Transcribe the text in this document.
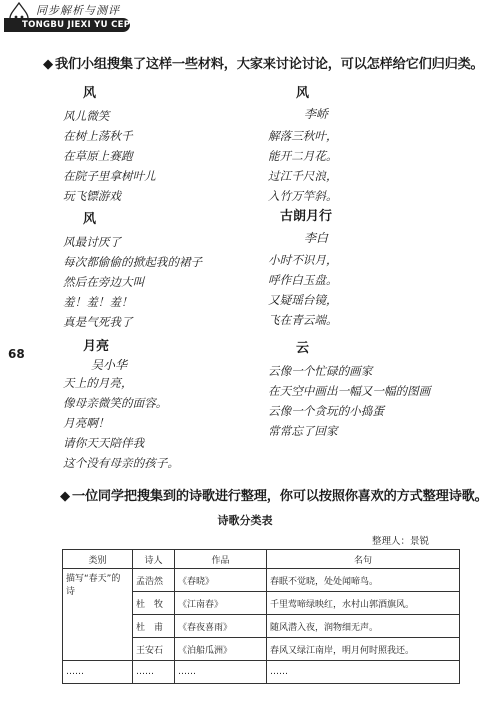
同步解析与测评
TONGBU JIEXI YU CEPING
◆ 我们小组搜集了这样一些材料，大家来讨论讨论，可以怎样给它们归归类。
风
风儿微笑
在树上荡秋千
在草原上赛跑
在院子里拿树叶儿
玩飞镖游戏
风
李峤
解落三秋叶，
能开二月花。
过江千尺浪，
入竹万竿斜。
风
风最讨厌了
每次都偷偷的掀起我的裙子
然后在旁边大叫
羞！羞！羞！
真是气死我了
古朗月行
李白
小时不识月，
呼作白玉盘。
又疑瑶台镜，
飞在青云端。
68	月亮
吴小华
天上的月亮，
像母亲微笑的面容。
月亮啊！
请你天天陪伴我
这个没有母亲的孩子。
云
云像一个忙碌的画家
在天空中画出一幅又一幅的图画
云像一个贪玩的小捣蛋
常常忘了回家
◆ 一位同学把搜集到的诗歌进行整理，你可以按照你喜欢的方式整理诗歌。
诗歌分类表
整理人：景锐
类别	诗人	作品	名句
描写“春天”的诗	孟浩然	《春晓》	春眠不觉晓，处处闻啼鸟。
	杜　牧	《江南春》	千里莺啼绿映红，水村山郭酒旗风。
	杜　甫	《春夜喜雨》	随风潜入夜，润物细无声。
	王安石	《泊船瓜洲》	春风又绿江南岸，明月何时照我还。
……	……	……	……
